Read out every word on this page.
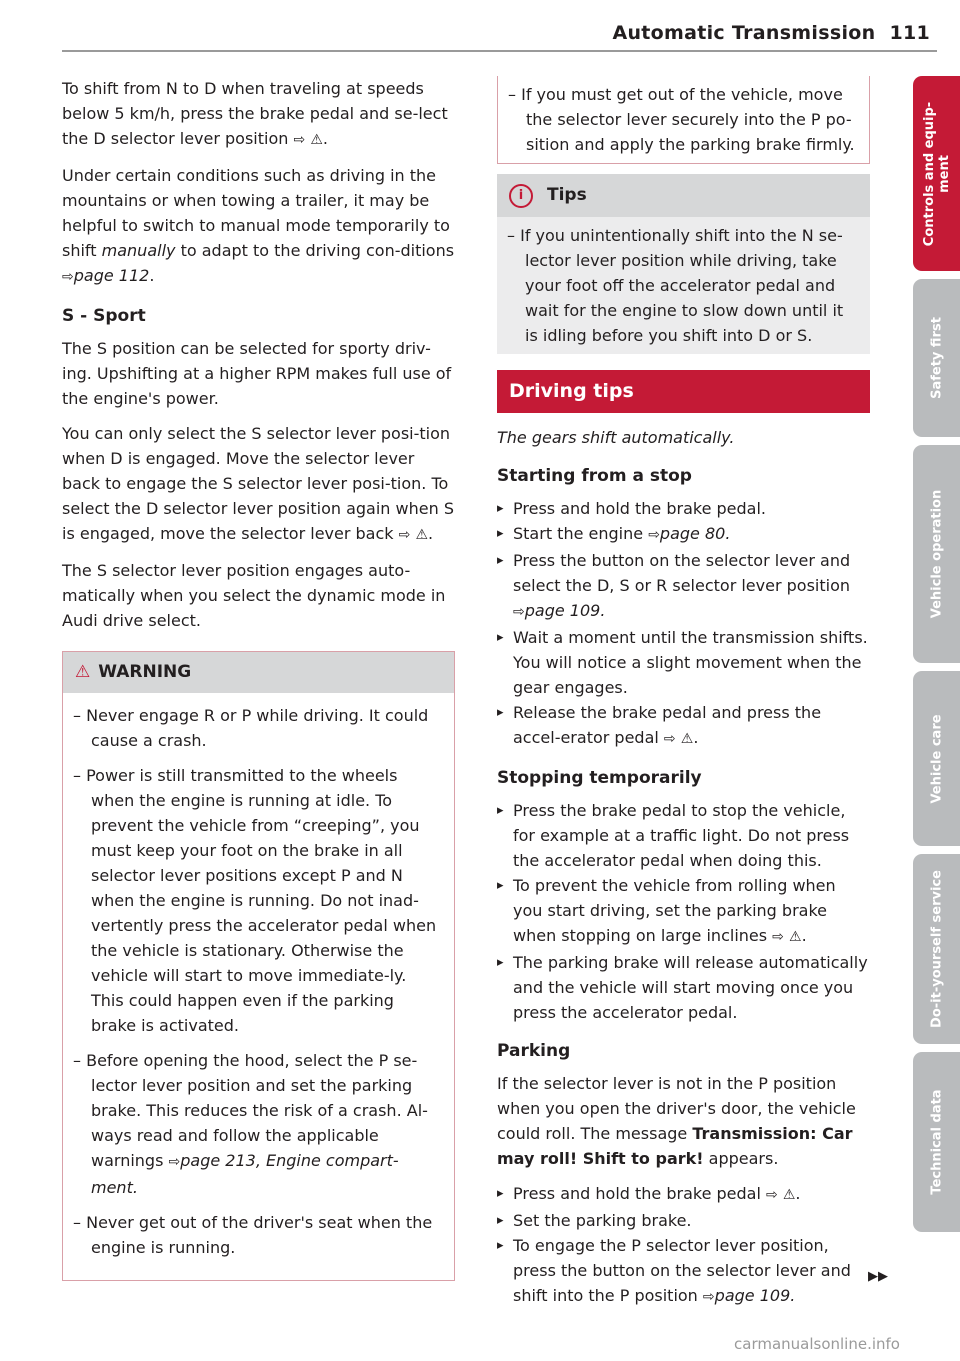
Automatic Transmission 111

To shift from N to D when traveling at speeds below 5 km/h, press the brake pedal and se-lect the D selector lever position ⇨ ⚠.

Under certain conditions such as driving in the mountains or when towing a trailer, it may be helpful to switch to manual mode temporarily to shift manually to adapt to the driving con-ditions ⇨page 112.

S - Sport

The S position can be selected for sporty driv-ing. Upshifting at a higher RPM makes full use of the engine's power.

You can only select the S selector lever posi-tion when D is engaged. Move the selector lever back to engage the S selector lever posi-tion. To select the D selector lever position again when S is engaged, move the selector lever back ⇨ ⚠.

The S selector lever position engages auto-matically when you select the dynamic mode in Audi drive select.

⚠ WARNING

– Never engage R or P while driving. It could cause a crash.

– Power is still transmitted to the wheels when the engine is running at idle. To prevent the vehicle from “creeping”, you must keep your foot on the brake in all selector lever positions except P and N when the engine is running. Do not inad-vertently press the accelerator pedal when the vehicle is stationary. Otherwise the vehicle will start to move immediate-ly. This could happen even if the parking brake is activated.

– Before opening the hood, select the P se-lector lever position and set the parking brake. This reduces the risk of a crash. Al-ways read and follow the applicable warnings ⇨page 213, Engine compart-ment.

– Never get out of the driver's seat when the engine is running.

– If you must get out of the vehicle, move the selector lever securely into the P po-sition and apply the parking brake firmly.

i	Tips

– If you unintentionally shift into the N se-lector lever position while driving, take your foot off the accelerator pedal and wait for the engine to slow down until it is idling before you shift into D or S.

Driving tips
The gears shift automatically.
Starting from a stop
▸ Press and hold the brake pedal.
▸ Start the engine ⇨page 80.
▸ Press the button on the selector lever and select the D, S or R selector lever position ⇨page 109.
▸ Wait a moment until the transmission shifts. You will notice a slight movement when the gear engages.
▸ Release the brake pedal and press the accel-erator pedal ⇨ ⚠.
Stopping temporarily
▸ Press the brake pedal to stop the vehicle, for example at a traffic light. Do not press the accelerator pedal when doing this.
▸ To prevent the vehicle from rolling when you start driving, set the parking brake when stopping on large inclines ⇨ ⚠.
▸ The parking brake will release automatically and the vehicle will start moving once you press the accelerator pedal.
Parking

If the selector lever is not in the P position when you open the driver's door, the vehicle could roll. The message Transmission: Car may roll! Shift to park! appears.

▸ Press and hold the brake pedal ⇨ ⚠.
▸ Set the parking brake.
▸ To engage the P selector lever position, press the button on the selector lever and shift into the P position ⇨page 109.
▶▶
Controls and equip-
ment
Safety first
Vehicle operation
Vehicle care
Do-it-yourself service
Technical data
carmanualsonline.info
